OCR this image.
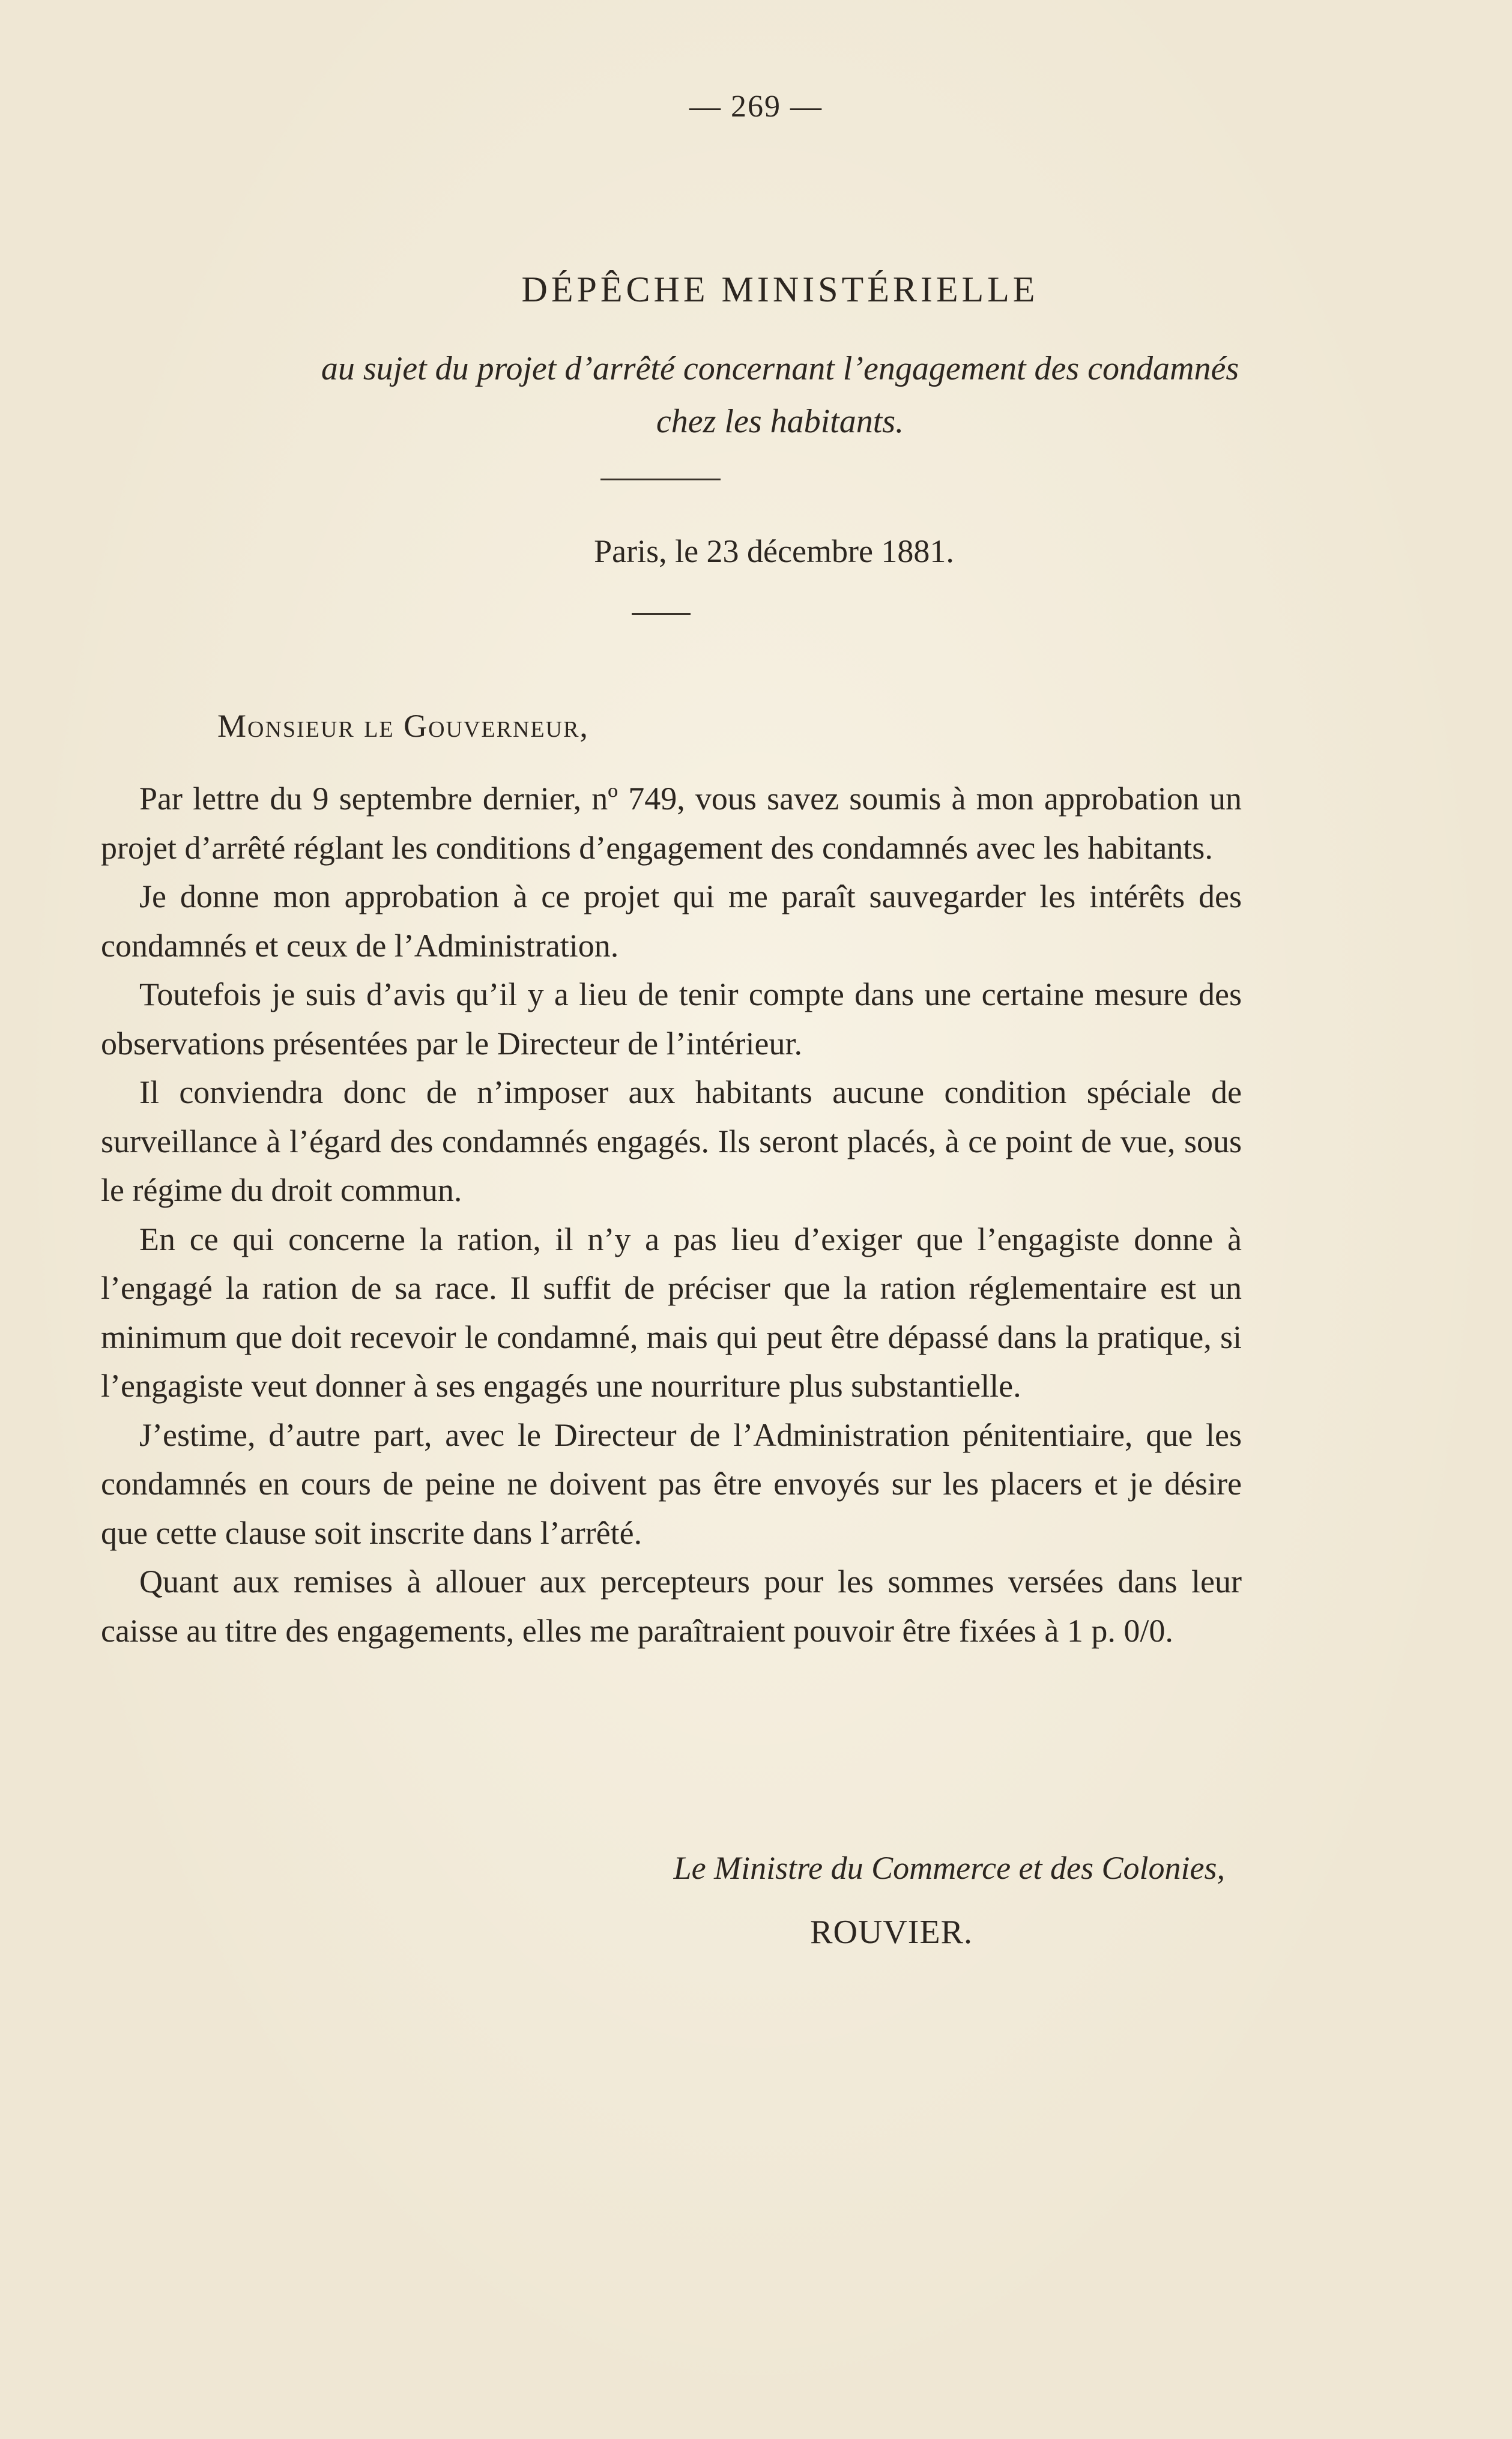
— 269 —
DÉPÊCHE MINISTÉRIELLE
au sujet du projet d’arrêté concernant l’engagement des condamnés
chez les habitants.
Paris, le 23 décembre 1881.
Monsieur le Gouverneur,

Par lettre du 9 septembre dernier, nº 749, vous savez soumis à mon approbation un projet d’arrêté réglant les conditions d’engagement des condamnés avec les habitants.

Je donne mon approbation à ce projet qui me paraît sauvegarder les intérêts des condamnés et ceux de l’Administration.

Toutefois je suis d’avis qu’il y a lieu de tenir compte dans une certaine mesure des observations présentées par le Directeur de l’intérieur.

Il conviendra donc de n’imposer aux habitants aucune condition spéciale de surveillance à l’égard des condamnés engagés. Ils seront placés, à ce point de vue, sous le régime du droit commun.

En ce qui concerne la ration, il n’y a pas lieu d’exiger que l’engagiste donne à l’engagé la ration de sa race. Il suffit de préciser que la ration réglementaire est un minimum que doit recevoir le condamné, mais qui peut être dépassé dans la pratique, si l’engagiste veut donner à ses engagés une nourriture plus substantielle.

J’estime, d’autre part, avec le Directeur de l’Administration pénitentiaire, que les condamnés en cours de peine ne doivent pas être envoyés sur les placers et je désire que cette clause soit inscrite dans l’arrêté.

Quant aux remises à allouer aux percepteurs pour les sommes versées dans leur caisse au titre des engagements, elles me paraîtraient pouvoir être fixées à 1 p. 0/0.

Le Ministre du Commerce et des Colonies,
ROUVIER.
